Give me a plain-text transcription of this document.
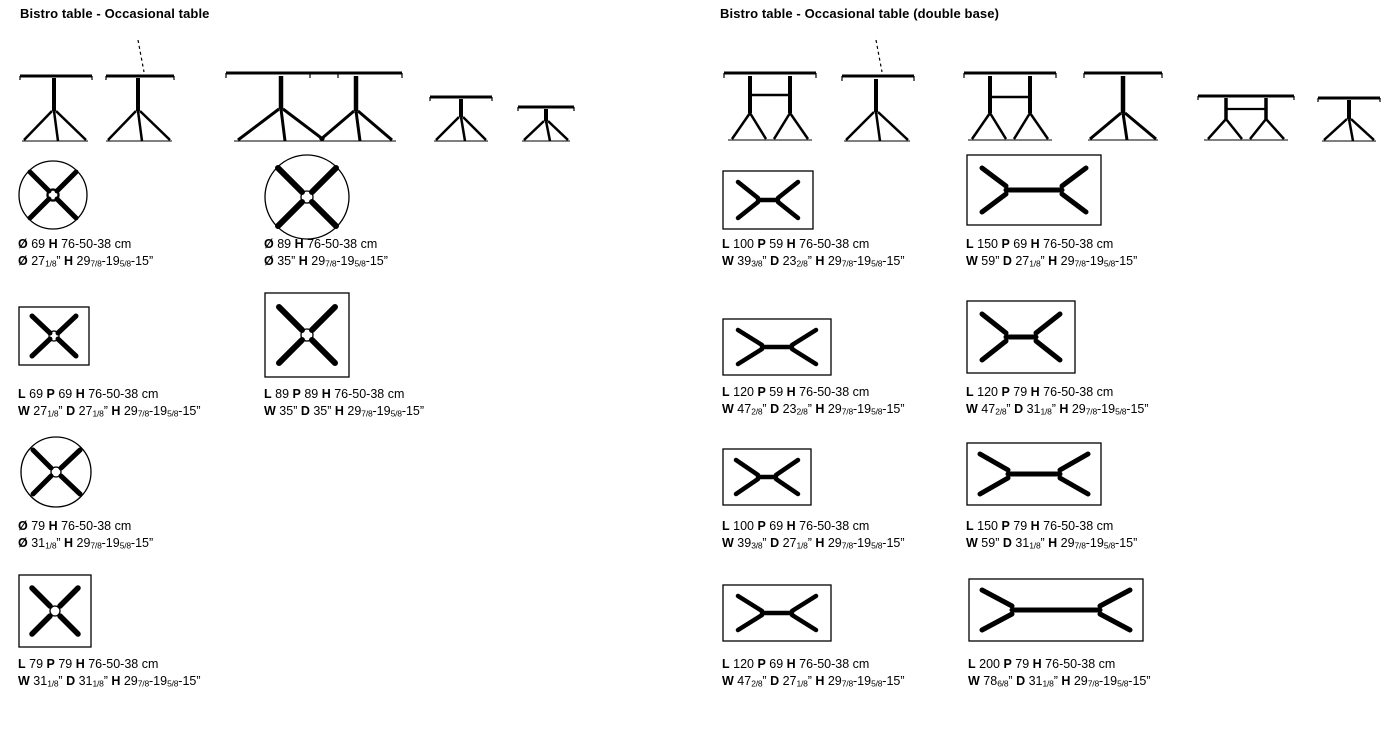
Bistro table - Occasional table
Ø 69 H 76-50-38 cm
Ø 271/8” H 297/8-195/8-15”
Ø 89 H 76-50-38 cm
Ø 35” H 297/8-195/8-15”
L 69 P 69 H 76-50-38 cm
W 271/8” D 271/8” H 297/8-195/8-15”
L 89 P 89 H 76-50-38 cm
W 35” D 35” H 297/8-195/8-15”
Ø 79 H 76-50-38 cm
Ø 311/8” H 297/8-195/8-15”
L 79 P 79 H 76-50-38 cm
W 311/8” D 311/8” H 297/8-195/8-15”
Bistro table - Occasional table (double base)
L 100 P 59 H 76-50-38 cm
W 393/8” D 232/8” H 297/8-195/8-15”
L 150 P 69 H 76-50-38 cm
W 59” D 271/8” H 297/8-195/8-15”
L 120 P 59 H 76-50-38 cm
W 472/8” D 232/8” H 297/8-195/8-15”
L 120 P 79 H 76-50-38 cm
W 472/8” D 311/8” H 297/8-195/8-15”
L 100 P 69 H 76-50-38 cm
W 393/8” D 271/8” H 297/8-195/8-15”
L 150 P 79 H 76-50-38 cm
W 59” D 311/8” H 297/8-195/8-15”
L 120 P 69 H 76-50-38 cm
W 472/8” D 271/8” H 297/8-195/8-15”
L 200 P 79 H 76-50-38 cm
W 786/8” D 311/8” H 297/8-195/8-15”
